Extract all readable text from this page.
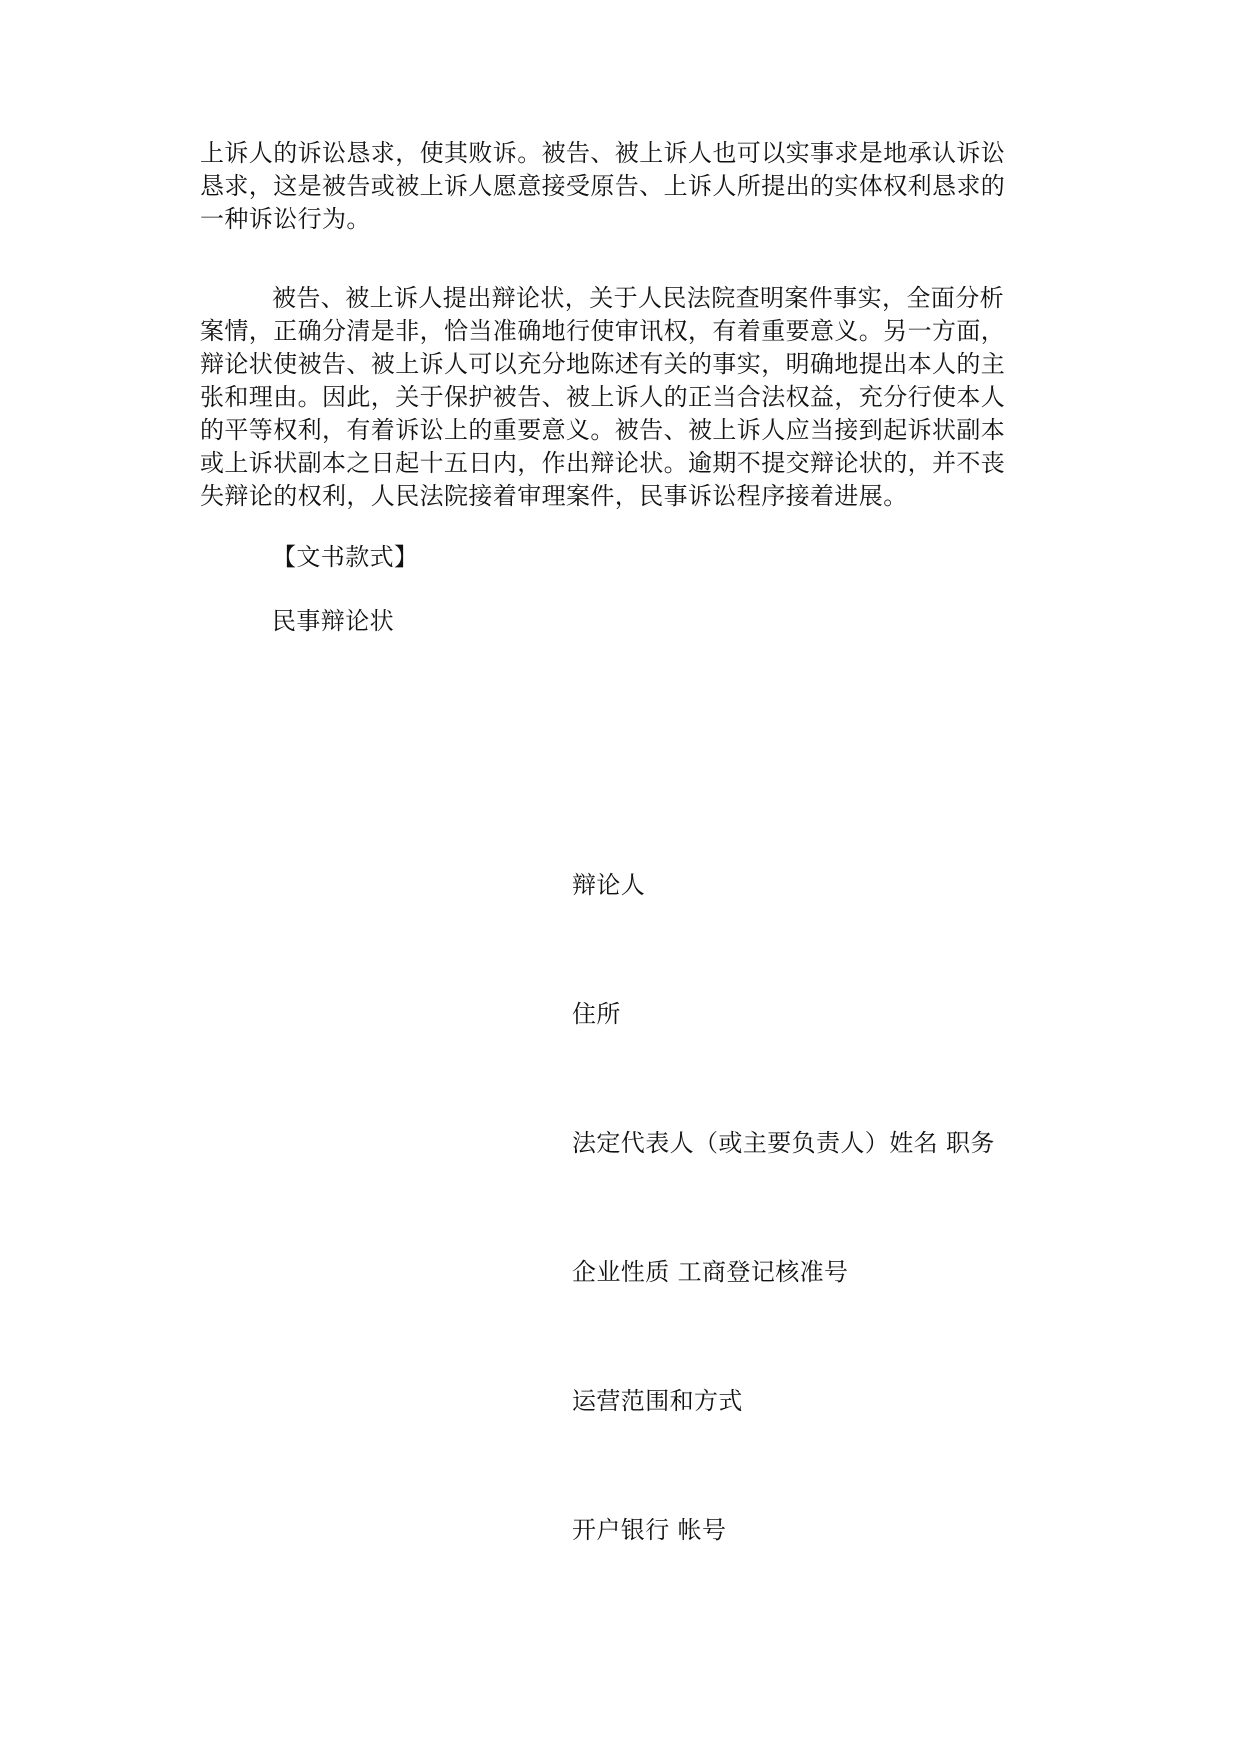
上诉人的诉讼恳求，使其败诉。被告、被上诉人也可以实事求是地承认诉讼
恳求，这是被告或被上诉人愿意接受原告、上诉人所提出的实体权利恳求的
一种诉讼行为。
被告、被上诉人提出辩论状，关于人民法院查明案件事实，全面分析
案情，正确分清是非，恰当准确地行使审讯权，有着重要意义。另一方面，
辩论状使被告、被上诉人可以充分地陈述有关的事实，明确地提出本人的主
张和理由。因此，关于保护被告、被上诉人的正当合法权益，充分行使本人
的平等权利，有着诉讼上的重要意义。被告、被上诉人应当接到起诉状副本
或上诉状副本之日起十五日内，作出辩论状。逾期不提交辩论状的，并不丧
失辩论的权利，人民法院接着审理案件，民事诉讼程序接着进展。
【文书款式】
民事辩论状
辩论人
住所
法定代表人（或主要负责人）姓名 职务
企业性质 工商登记核准号
运营范围和方式
开户银行 帐号
